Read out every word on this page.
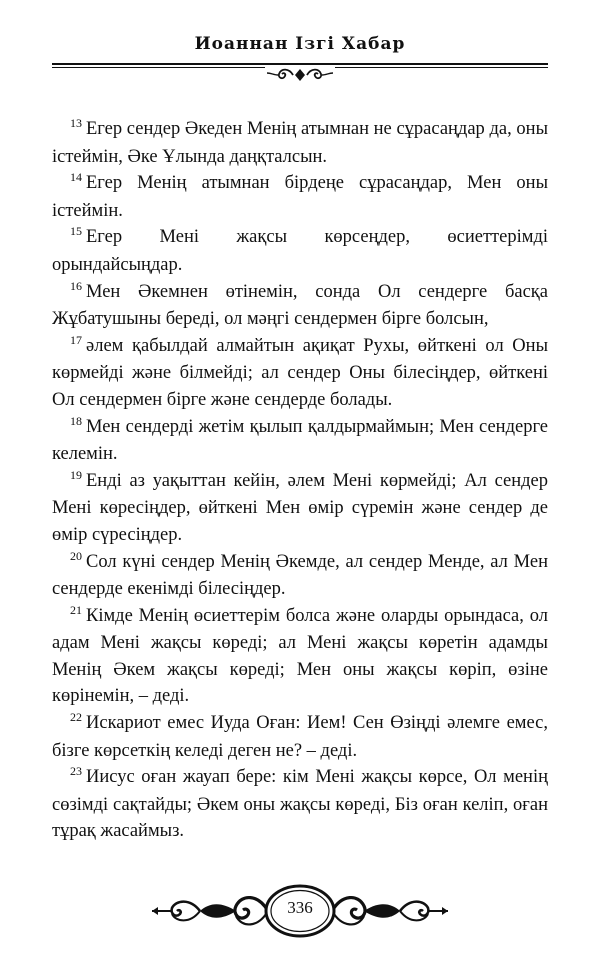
Иоаннан Ізгі Хабар

$^{13}$ Егер сендер Әкеден Менің атымнан не сұрасаңдар да, оны істеймін, Әке Ұлында даңқталсын.

$^{14}$ Егер Менің атымнан бірдеңе сұрасаңдар, Мен оны істеймін.

$^{15}$ Егер Мені жақсы көрсеңдер, өсиеттерімді орындайсыңдар.

$^{16}$ Мен Әкемнен өтінемін, сонда Ол сендерге басқа Жұбатушыны береді, ол мәңгі сендермен бірге болсын,

$^{17}$ әлем қабылдай алмайтын ақиқат Рухы, өйткені ол Оны көрмейді және білмейді; ал сендер Оны білесіңдер, өйткені Ол сендермен бірге және сендерде болады.

$^{18}$ Мен сендерді жетім қылып қалдырмаймын; Мен сендерге келемін.

$^{19}$ Енді аз уақыттан кейін, әлем Мені көрмейді; Ал сендер Мені көресіңдер, өйткені Мен өмір сүремін және сендер де өмір сүресіңдер.

$^{20}$ Сол күні сендер Менің Әкемде, ал сендер Менде, ал Мен сендерде екенімді білесіңдер.

$^{21}$ Кімде Менің өсиеттерім болса және оларды орындаса, ол адам Мені жақсы көреді; ал Мені жақсы көретін адамды Менің Әкем жақсы көреді; Мен оны жақсы көріп, өзіне көрінемін, – деді.

$^{22}$ Искариот емес Иуда Оған: Ием! Сен Өзіңді әлемге емес, бізге көрсеткің келеді деген не? – деді.

$^{23}$ Иисус оған жауап бере: кім Мені жақсы көрсе, Ол менің сөзімді сақтайды; Әкем оны жақсы көреді, Біз оған келіп, оған тұрақ жасаймыз.

336
